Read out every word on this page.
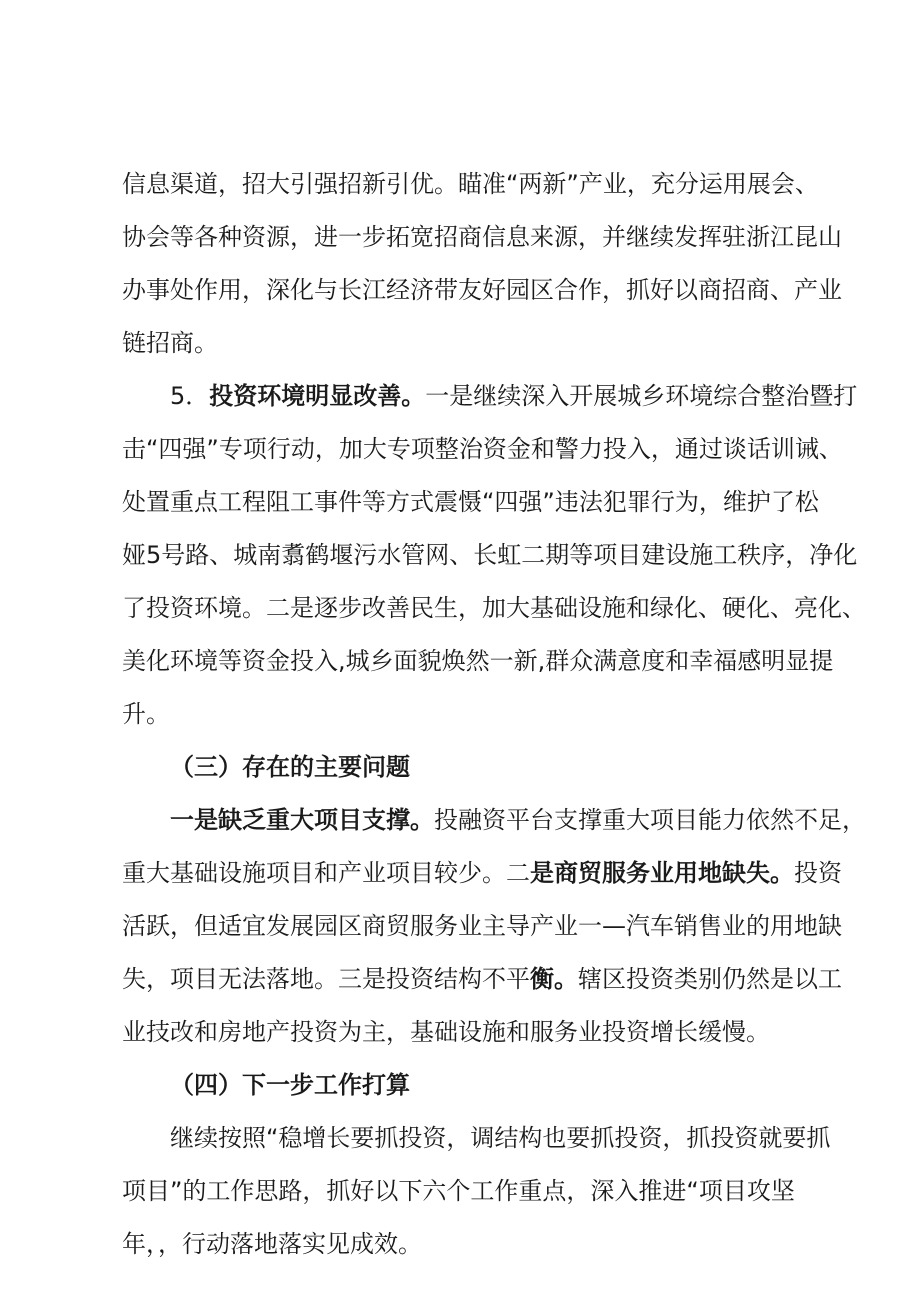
信息渠道，招大引强招新引优。瞄准“两新”产业，充分运用展会、
协会等各种资源，进一步拓宽招商信息来源，并继续发挥驻浙江昆山
办事处作用，深化与长江经济带友好园区合作，抓好以商招商、产业
链招商。
5．投资环境明显改善。一是继续深入开展城乡环境综合整治暨打
击“四强”专项行动，加大专项整治资金和警力投入，通过谈话训诫、
处置重点工程阻工事件等方式震慑“四强”违法犯罪行为，维护了松
娅5号路、城南翥鹤堰污水管网、长虹二期等项目建设施工秩序，净化
了投资环境。二是逐步改善民生，加大基础设施和绿化、硬化、亮化、
美化环境等资金投入,城乡面貌焕然一新,群众满意度和幸福感明显提
升。
（三）存在的主要问题
一是缺乏重大项目支撑。投融资平台支撑重大项目能力依然不足，
重大基础设施项目和产业项目较少。二是商贸服务业用地缺失。投资
活跃，但适宜发展园区商贸服务业主导产业一—汽车销售业的用地缺
失，项目无法落地。三是投资结构不平衡。辖区投资类别仍然是以工
业技改和房地产投资为主，基础设施和服务业投资增长缓慢。
（四）下一步工作打算
继续按照“稳增长要抓投资，调结构也要抓投资，抓投资就要抓
项目”的工作思路，抓好以下六个工作重点，深入推进“项目攻坚
年，，行动落地落实见成效。
